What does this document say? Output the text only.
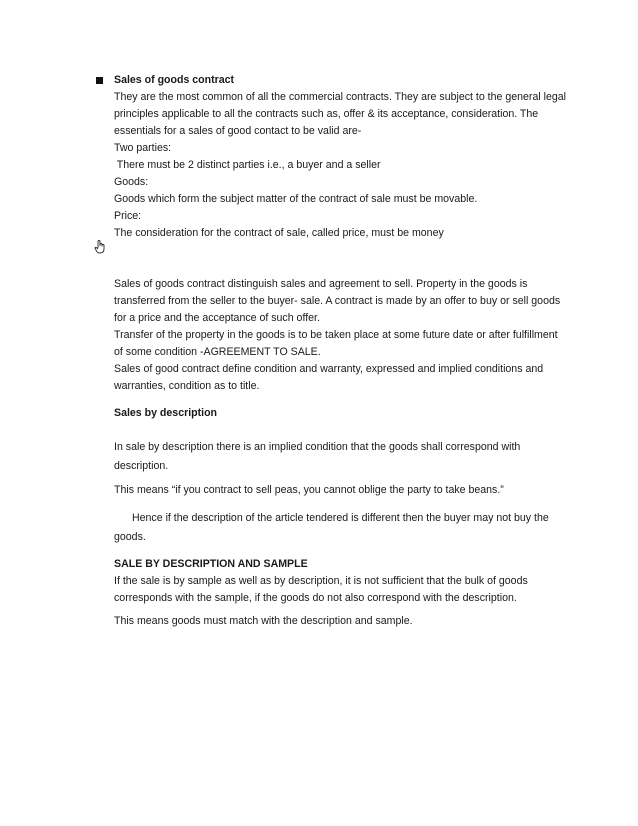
Sales of goods contract

They are the most common of all the commercial contracts. They are subject to the general legal

principles applicable to all the contracts such as, offer & its acceptance, consideration. The

essentials for a sales of good contact to be valid are-

Two parties:

There must be 2 distinct parties i.e., a buyer and a seller

Goods:

Goods which form the subject matter of the contract of sale must be movable.

Price:

The consideration for the contract of sale, called price, must be money

Sales of goods contract distinguish sales and agreement to sell. Property in the goods is

transferred from the seller to the buyer- sale. A contract is made by an offer to buy or sell goods

for a price and the acceptance of such offer.

Transfer of the property in the goods is to be taken place at some future date or after fulfillment

of some condition -AGREEMENT TO SALE.

Sales of good contract define condition and warranty, expressed and implied conditions and

warranties, condition as to title.

Sales by description

In sale by description there is an implied condition that the goods shall correspond with

description.

This means “if you contract to sell peas, you cannot oblige the party to take beans.”

Hence if the description of the article tendered is different then the buyer may not buy the

goods.

SALE BY DESCRIPTION AND SAMPLE

If the sale is by sample as well as by description, it is not sufficient that the bulk of goods

corresponds with the sample, if the goods do not also correspond with the description.

This means goods must match with the description and sample.
